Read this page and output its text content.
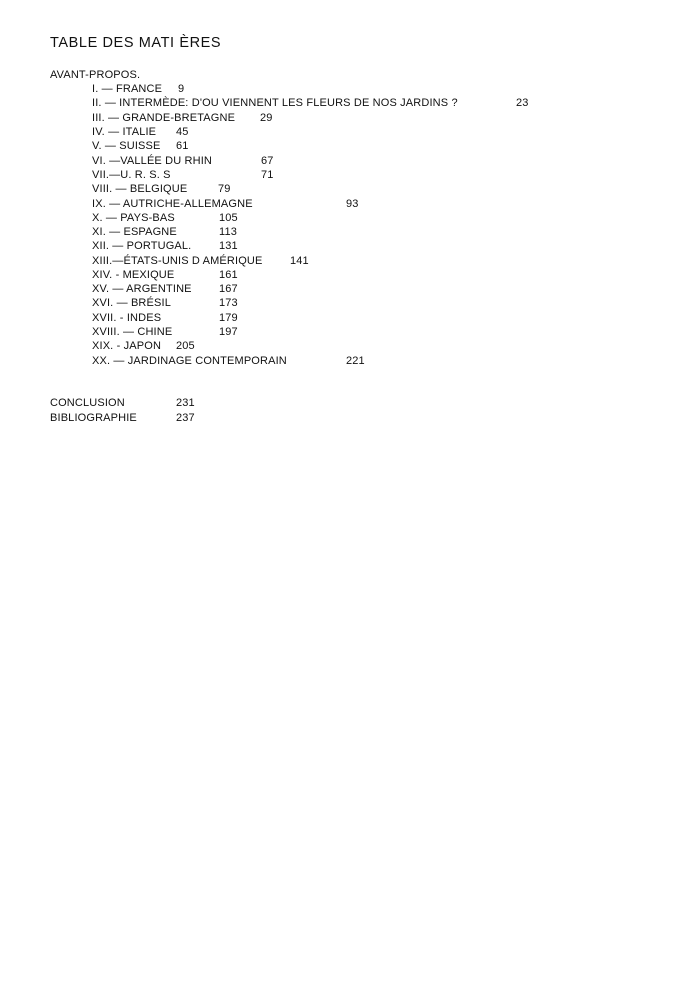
TABLE DES MATI ÈRES
AVANT-PROPOS.
I. — FRANCE 9
II. — INTERMÈDE: D'OU VIENNENT LES FLEURS DE NOS JARDINS ?	23
III. — GRANDE-BRETAGNE 29
IV. — ITALIE 45
V. — SUISSE 61
VI. —VALLÉE DU RHIN	67
VII.—U. R. S. S	71
VIII. — BELGIQUE	79
IX. — AUTRICHE-ALLEMAGNE	93
X. — PAYS-BAS	105
XI. — ESPAGNE	113
XII. — PORTUGAL.	131
XIII.—ÉTATS-UNIS D AMÉRIQUE	141
XIV. - MEXIQUE	161
XV. — ARGENTINE 167
XVI. — BRÉSIL	173
XVII. - INDES	179
XVIII. — CHINE	197
XIX. - JAPON 205
XX. — JARDINAGE CONTEMPORAIN	221
CONCLUSION	231
BIBLIOGRAPHIE	237
